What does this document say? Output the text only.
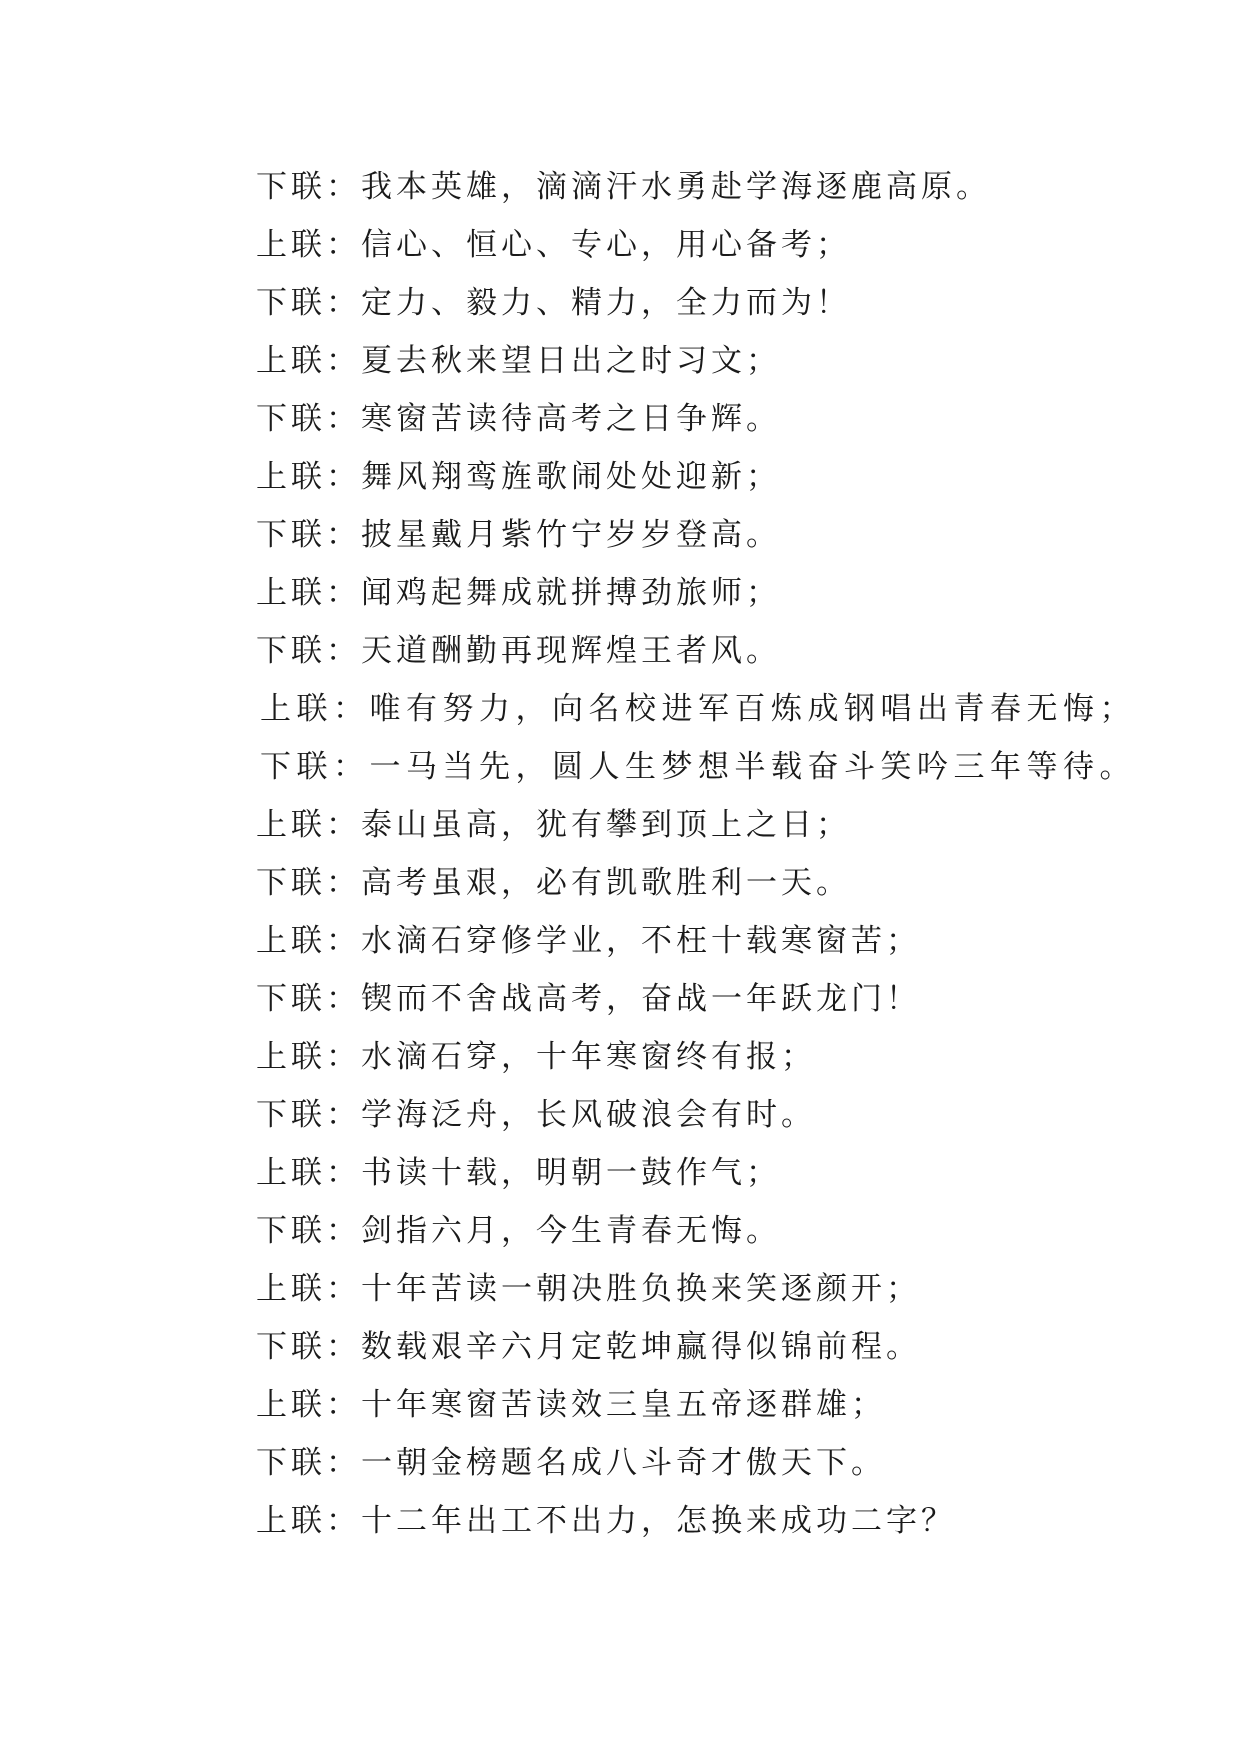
下联：我本英雄，滴滴汗水勇赴学海逐鹿高原。
上联：信心、恒心、专心，用心备考；
下联：定力、毅力、精力，全力而为！
上联：夏去秋来望日出之时习文；
下联：寒窗苦读待高考之日争辉。
上联：舞风翔鸾旌歌闹处处迎新；
下联：披星戴月紫竹宁岁岁登高。
上联：闻鸡起舞成就拼搏劲旅师；
下联：天道酬勤再现辉煌王者风。
上联：唯有努力，向名校进军百炼成钢唱出青春无悔；
下联：一马当先，圆人生梦想半载奋斗笑吟三年等待。
上联：泰山虽高，犹有攀到顶上之日；
下联：高考虽艰，必有凯歌胜利一天。
上联：水滴石穿修学业，不枉十载寒窗苦；
下联：锲而不舍战高考，奋战一年跃龙门！
上联：水滴石穿，十年寒窗终有报；
下联：学海泛舟，长风破浪会有时。
上联：书读十载，明朝一鼓作气；
下联：剑指六月，今生青春无悔。
上联：十年苦读一朝决胜负换来笑逐颜开；
下联：数载艰辛六月定乾坤赢得似锦前程。
上联：十年寒窗苦读效三皇五帝逐群雄；
下联：一朝金榜题名成八斗奇才傲天下。
上联：十二年出工不出力，怎换来成功二字？
